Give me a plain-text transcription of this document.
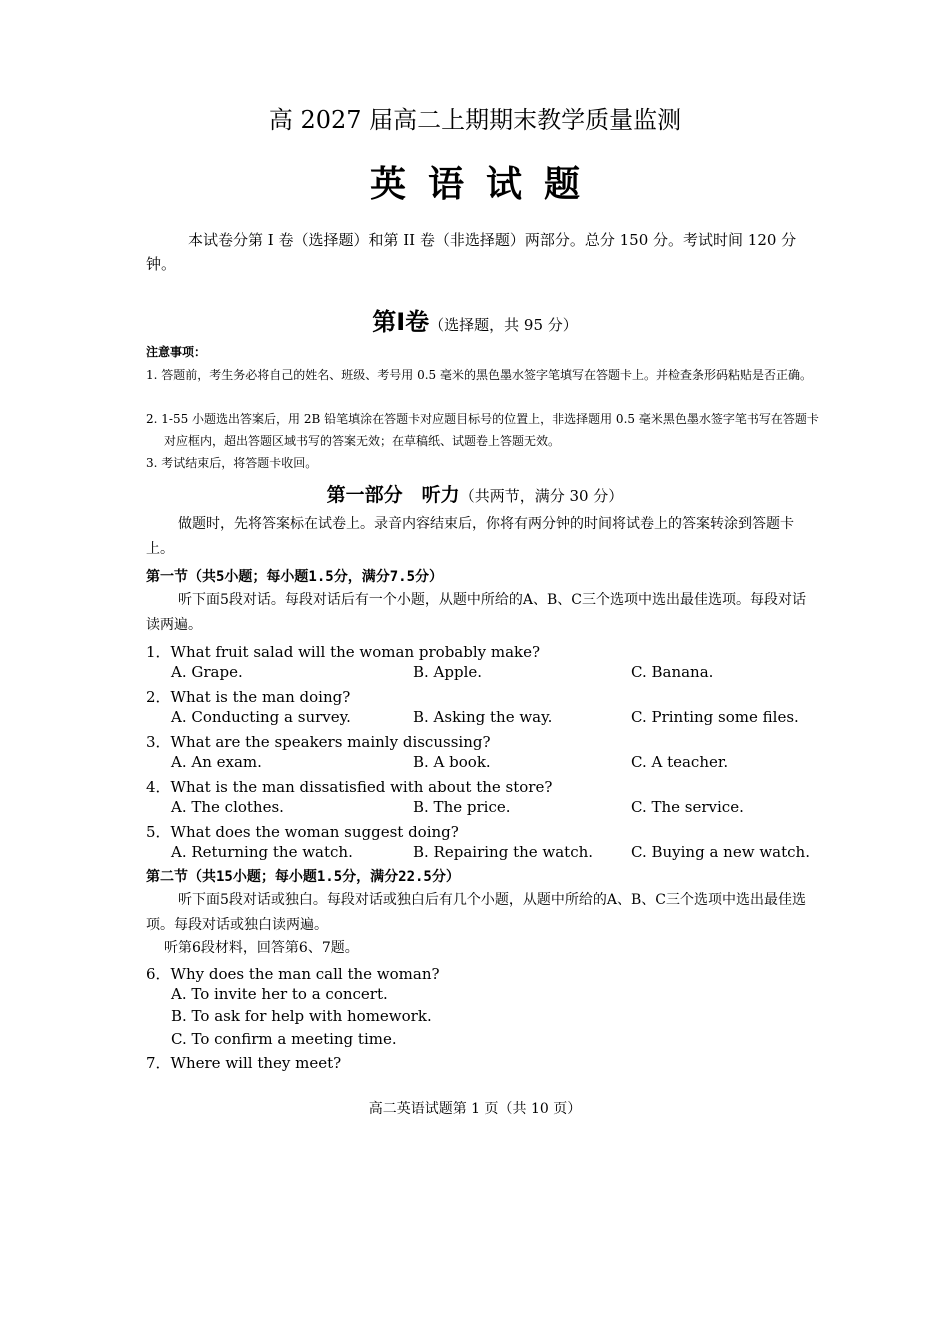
高 2027 届高二上期期末教学质量监测
英语试题
本试卷分第 I 卷（选择题）和第 II 卷（非选择题）两部分。总分 150 分。考试时间 120 分钟。
第Ⅰ卷（选择题，共 95 分）
注意事项：
1. 答题前，考生务必将自己的姓名、班级、考号用 0.5 毫米的黑色墨水签字笔填写在答题卡上。并检查条形码粘贴是否正确。
2. 1-55 小题选出答案后，用 2B 铅笔填涂在答题卡对应题目标号的位置上，非选择题用 0.5 毫米黑色墨水签字笔书写在答题卡对应框内，超出答题区域书写的答案无效；在草稿纸、试题卷上答题无效。
3. 考试结束后，将答题卡收回。
第一部分　听力（共两节，满分 30 分）
做题时，先将答案标在试卷上。录音内容结束后，你将有两分钟的时间将试卷上的答案转涂到答题卡上。
第一节（共5小题；每小题1.5分，满分7.5分）
听下面5段对话。每段对话后有一个小题，从题中所给的A、B、C三个选项中选出最佳选项。每段对话读两遍。
1．What fruit salad will the woman probably make?
A. Grape.	B. Apple.	C. Banana.
2．What is the man doing?
A. Conducting a survey.	B. Asking the way.	C. Printing some files.
3．What are the speakers mainly discussing?
A. An exam.	B. A book.	C. A teacher.
4．What is the man dissatisfied with about the store?
A. The clothes.	B. The price.	C. The service.
5．What does the woman suggest doing?
A. Returning the watch.	B. Repairing the watch.	C. Buying a new watch.
第二节（共15小题；每小题1.5分，满分22.5分）
听下面5段对话或独白。每段对话或独白后有几个小题，从题中所给的A、B、C三个选项中选出最佳选项。每段对话或独白读两遍。
听第6段材料，回答第6、7题。
6．Why does the man call the woman?
A. To invite her to a concert.
B. To ask for help with homework.
C. To confirm a meeting time.
7．Where will they meet?
高二英语试题第 1 页（共 10 页）
